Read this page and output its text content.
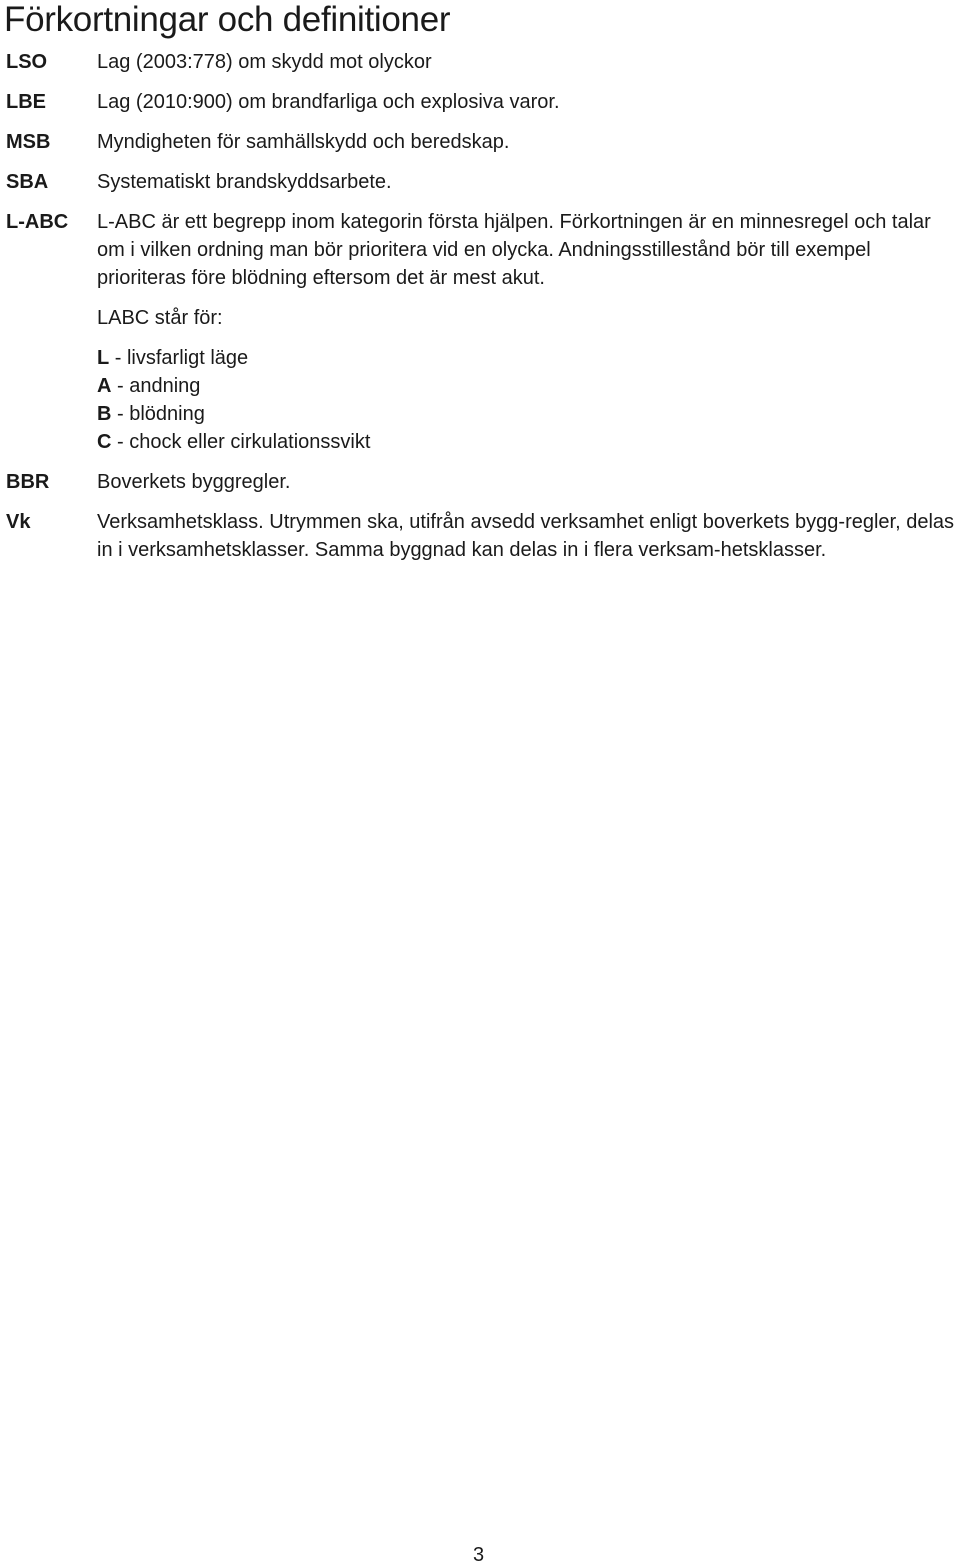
Förkortningar och definitioner
LSO Lag (2003:778) om skydd mot olyckor

LBE	Lag (2010:900) om brandfarliga och explosiva varor.

MSB Myndigheten för samhällskydd och beredskap.

SBA Systematiskt brandskyddsarbete.

L-ABC L-ABC är ett begrepp inom kategorin första hjälpen. Förkortningen är en minnesregel och talar om i vilken ordning man bör prioritera vid en olycka. Andningsstillestånd bör till exempel prioriteras före blödning eftersom det är mest akut.

LABC står för:

L - livsfarligt läge
A - andning
B - blödning
C - chock eller cirkulationssvikt
BBR Boverkets byggregler.

Vk	Verksamhetsklass. Utrymmen ska, utifrån avsedd verksamhet enligt boverkets bygg-regler, delas in i verksamhetsklasser. Samma byggnad kan delas in i flera verksam-hetsklasser.

3
